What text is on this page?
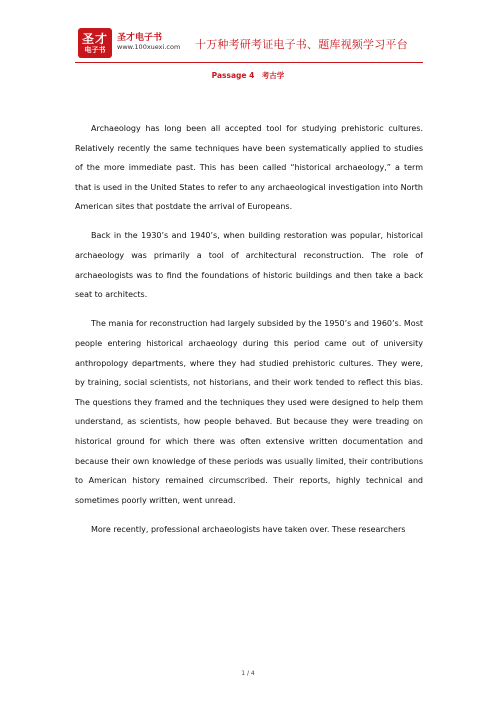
圣才
电子书
圣才电子书
www.100xuexi.com 十万种考研考证电子书、题库视频学习平台
Passage 4　考古学

Archaeology has long been all accepted tool for studying prehistoric cultures. Relatively recently the same techniques have been systematically applied to studies of the more immediate past. This has been called “historical archaeology,” a term that is used in the United States to refer to any archaeological investigation into North American sites that postdate the arrival of Europeans.

Back in the 1930’s and 1940’s, when building restoration was popular, historical archaeology was primarily a tool of architectural reconstruction. The role of archaeologists was to find the foundations of historic buildings and then take a back seat to architects.

The mania for reconstruction had largely subsided by the 1950’s and 1960’s. Most people entering historical archaeology during this period came out of university anthropology departments, where they had studied prehistoric cultures. They were, by training, social scientists, not historians, and their work tended to reflect this bias. The questions they framed and the techniques they used were designed to help them understand, as scientists, how people behaved. But because they were treading on historical ground for which there was often extensive written documentation and because their own knowledge of these periods was usually limited, their contributions to American history remained circumscribed. Their reports, highly technical and sometimes poorly written, went unread.

More recently, professional archaeologists have taken over. These researchers

1 / 4
